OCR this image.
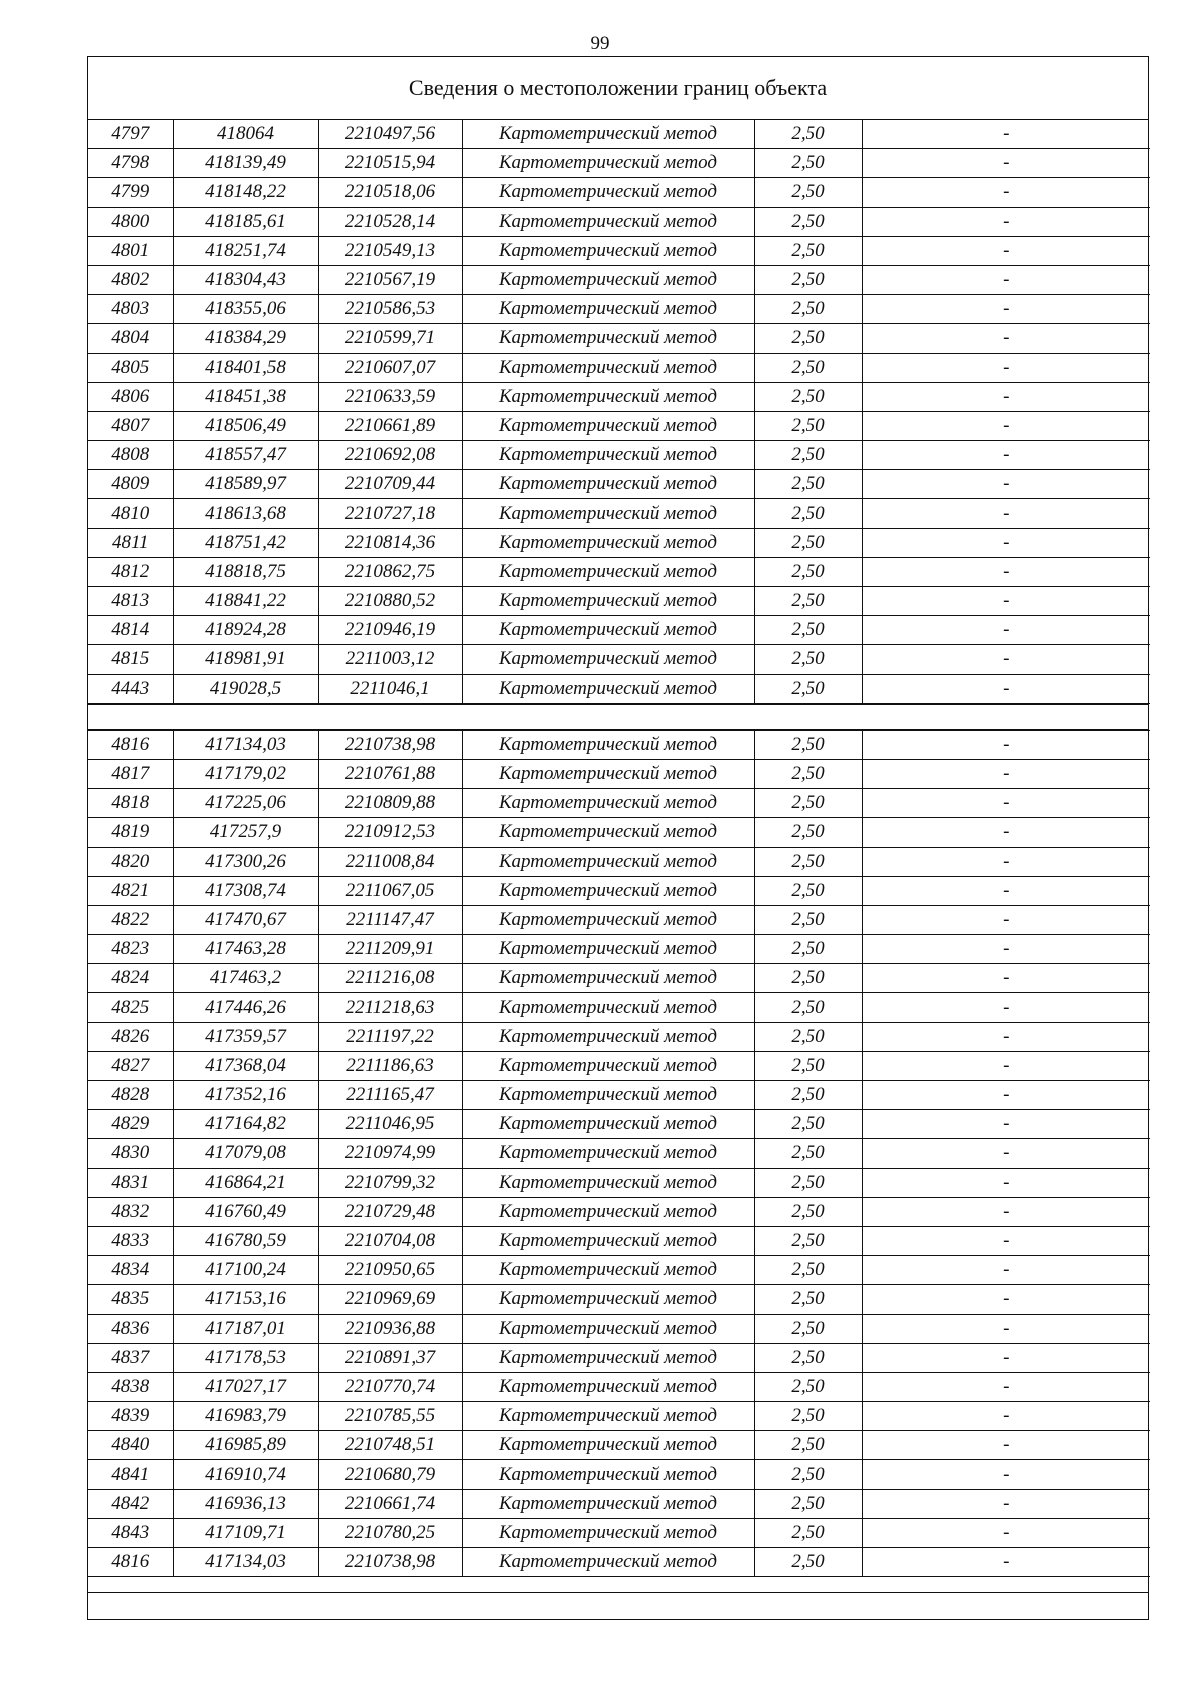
99
Сведения о местоположении границ объекта
4797	418064	2210497,56	Картометрический метод	2,50	-
4798	418139,49	2210515,94	Картометрический метод	2,50	-
4799	418148,22	2210518,06	Картометрический метод	2,50	-
4800	418185,61	2210528,14	Картометрический метод	2,50	-
4801	418251,74	2210549,13	Картометрический метод	2,50	-
4802	418304,43	2210567,19	Картометрический метод	2,50	-
4803	418355,06	2210586,53	Картометрический метод	2,50	-
4804	418384,29	2210599,71	Картометрический метод	2,50	-
4805	418401,58	2210607,07	Картометрический метод	2,50	-
4806	418451,38	2210633,59	Картометрический метод	2,50	-
4807	418506,49	2210661,89	Картометрический метод	2,50	-
4808	418557,47	2210692,08	Картометрический метод	2,50	-
4809	418589,97	2210709,44	Картометрический метод	2,50	-
4810	418613,68	2210727,18	Картометрический метод	2,50	-
4811	418751,42	2210814,36	Картометрический метод	2,50	-
4812	418818,75	2210862,75	Картометрический метод	2,50	-
4813	418841,22	2210880,52	Картометрический метод	2,50	-
4814	418924,28	2210946,19	Картометрический метод	2,50	-
4815	418981,91	2211003,12	Картометрический метод	2,50	-
4443	419028,5	2211046,1	Картометрический метод	2,50	-
4816	417134,03	2210738,98	Картометрический метод	2,50	-
4817	417179,02	2210761,88	Картометрический метод	2,50	-
4818	417225,06	2210809,88	Картометрический метод	2,50	-
4819	417257,9	2210912,53	Картометрический метод	2,50	-
4820	417300,26	2211008,84	Картометрический метод	2,50	-
4821	417308,74	2211067,05	Картометрический метод	2,50	-
4822	417470,67	2211147,47	Картометрический метод	2,50	-
4823	417463,28	2211209,91	Картометрический метод	2,50	-
4824	417463,2	2211216,08	Картометрический метод	2,50	-
4825	417446,26	2211218,63	Картометрический метод	2,50	-
4826	417359,57	2211197,22	Картометрический метод	2,50	-
4827	417368,04	2211186,63	Картометрический метод	2,50	-
4828	417352,16	2211165,47	Картометрический метод	2,50	-
4829	417164,82	2211046,95	Картометрический метод	2,50	-
4830	417079,08	2210974,99	Картометрический метод	2,50	-
4831	416864,21	2210799,32	Картометрический метод	2,50	-
4832	416760,49	2210729,48	Картометрический метод	2,50	-
4833	416780,59	2210704,08	Картометрический метод	2,50	-
4834	417100,24	2210950,65	Картометрический метод	2,50	-
4835	417153,16	2210969,69	Картометрический метод	2,50	-
4836	417187,01	2210936,88	Картометрический метод	2,50	-
4837	417178,53	2210891,37	Картометрический метод	2,50	-
4838	417027,17	2210770,74	Картометрический метод	2,50	-
4839	416983,79	2210785,55	Картометрический метод	2,50	-
4840	416985,89	2210748,51	Картометрический метод	2,50	-
4841	416910,74	2210680,79	Картометрический метод	2,50	-
4842	416936,13	2210661,74	Картометрический метод	2,50	-
4843	417109,71	2210780,25	Картометрический метод	2,50	-
4816	417134,03	2210738,98	Картометрический метод	2,50	-
